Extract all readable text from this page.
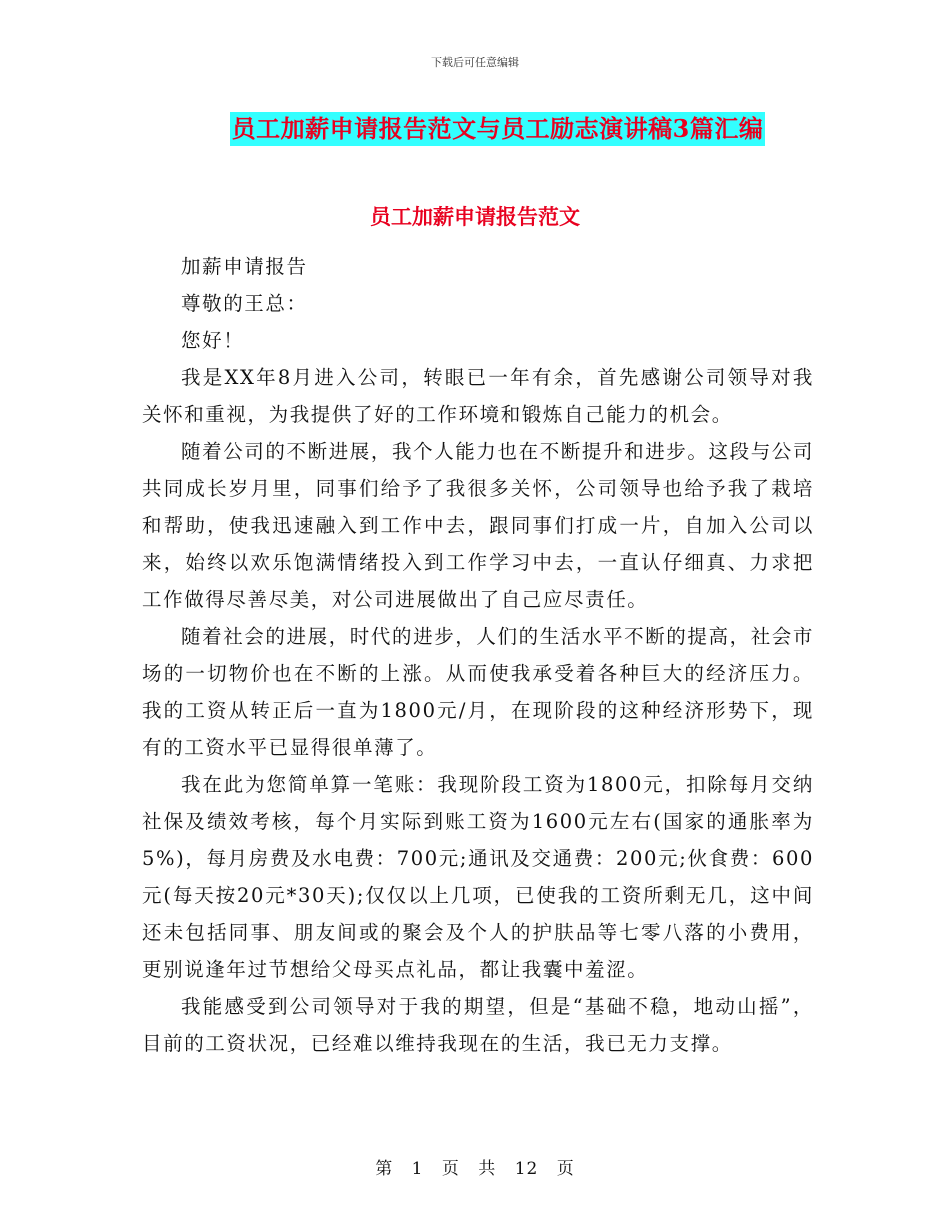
下载后可任意编辑
员工加薪申请报告范文与员工励志演讲稿3篇汇编
员工加薪申请报告范文

加薪申请报告

尊敬的王总：

您好！

我是XX年8月进入公司，转眼已一年有余，首先感谢公司领导对我关怀和重视，为我提供了好的工作环境和锻炼自己能力的机会。

随着公司的不断进展，我个人能力也在不断提升和进步。这段与公司共同成长岁月里，同事们给予了我很多关怀，公司领导也给予我了栽培和帮助，使我迅速融入到工作中去，跟同事们打成一片，自加入公司以来，始终以欢乐饱满情绪投入到工作学习中去，一直认仔细真、力求把工作做得尽善尽美，对公司进展做出了自己应尽责任。

随着社会的进展，时代的进步，人们的生活水平不断的提高，社会市场的一切物价也在不断的上涨。从而使我承受着各种巨大的经济压力。我的工资从转正后一直为1800元/月，在现阶段的这种经济形势下，现有的工资水平已显得很单薄了。

我在此为您简单算一笔账：我现阶段工资为1800元，扣除每月交纳社保及绩效考核，每个月实际到账工资为1600元左右(国家的通胀率为5%)，每月房费及水电费：700元;通讯及交通费：200元;伙食费：600元(每天按20元*30天);仅仅以上几项，已使我的工资所剩无几，这中间还未包括同事、朋友间或的聚会及个人的护肤品等七零八落的小费用，更别说逢年过节想给父母买点礼品，都让我囊中羞涩。

我能感受到公司领导对于我的期望，但是“基础不稳，地动山摇”， 目前的工资状况，已经难以维持我现在的生活，我已无力支撑。

第 1 页 共 12 页
